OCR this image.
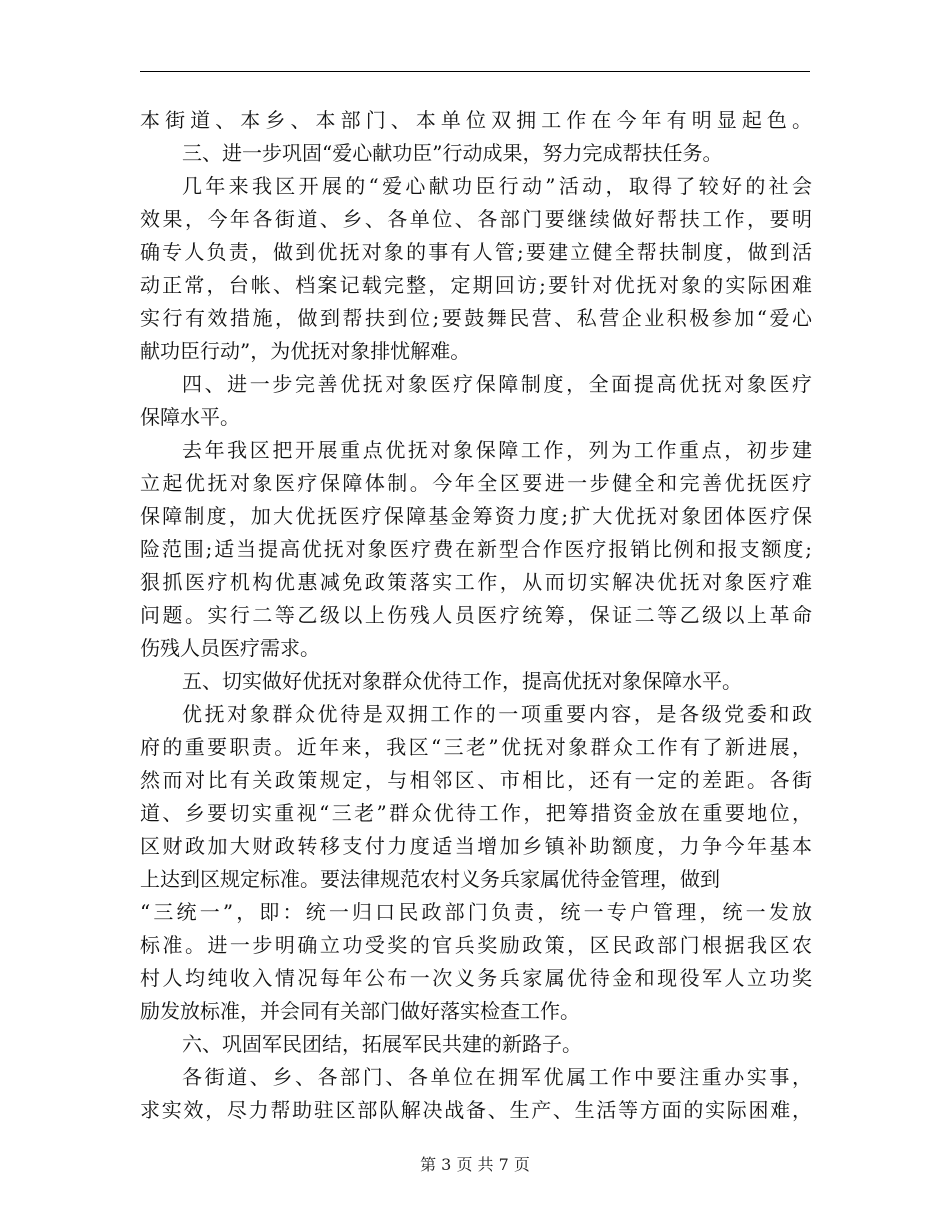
本街道、本乡、本部门、本单位双拥工作在今年有明显起色。
三、进一步巩固“爱心献功臣”行动成果，努力完成帮扶任务。
几年来我区开展的“爱心献功臣行动”活动，取得了较好的社会
效果，今年各街道、乡、各单位、各部门要继续做好帮扶工作，要明
确专人负责，做到优抚对象的事有人管;要建立健全帮扶制度，做到活
动正常，台帐、档案记载完整，定期回访;要针对优抚对象的实际困难
实行有效措施，做到帮扶到位;要鼓舞民营、私营企业积极参加“爱心
献功臣行动”，为优抚对象排忧解难。
四、进一步完善优抚对象医疗保障制度，全面提高优抚对象医疗
保障水平。
去年我区把开展重点优抚对象保障工作，列为工作重点，初步建
立起优抚对象医疗保障体制。今年全区要进一步健全和完善优抚医疗
保障制度，加大优抚医疗保障基金筹资力度;扩大优抚对象团体医疗保
险范围;适当提高优抚对象医疗费在新型合作医疗报销比例和报支额度;
狠抓医疗机构优惠减免政策落实工作，从而切实解决优抚对象医疗难
问题。实行二等乙级以上伤残人员医疗统筹，保证二等乙级以上革命
伤残人员医疗需求。
五、切实做好优抚对象群众优待工作，提高优抚对象保障水平。
优抚对象群众优待是双拥工作的一项重要内容，是各级党委和政
府的重要职责。近年来，我区“三老”优抚对象群众工作有了新进展，
然而对比有关政策规定，与相邻区、市相比，还有一定的差距。各街
道、乡要切实重视“三老”群众优待工作，把筹措资金放在重要地位，
区财政加大财政转移支付力度适当增加乡镇补助额度，力争今年基本
上达到区规定标准。要法律规范农村义务兵家属优待金管理，做到
“三统一”，即：统一归口民政部门负责，统一专户管理，统一发放
标准。进一步明确立功受奖的官兵奖励政策，区民政部门根据我区农
村人均纯收入情况每年公布一次义务兵家属优待金和现役军人立功奖
励发放标准，并会同有关部门做好落实检查工作。
六、巩固军民团结，拓展军民共建的新路子。
各街道、乡、各部门、各单位在拥军优属工作中要注重办实事，
求实效，尽力帮助驻区部队解决战备、生产、生活等方面的实际困难，
第 3 页 共 7 页
